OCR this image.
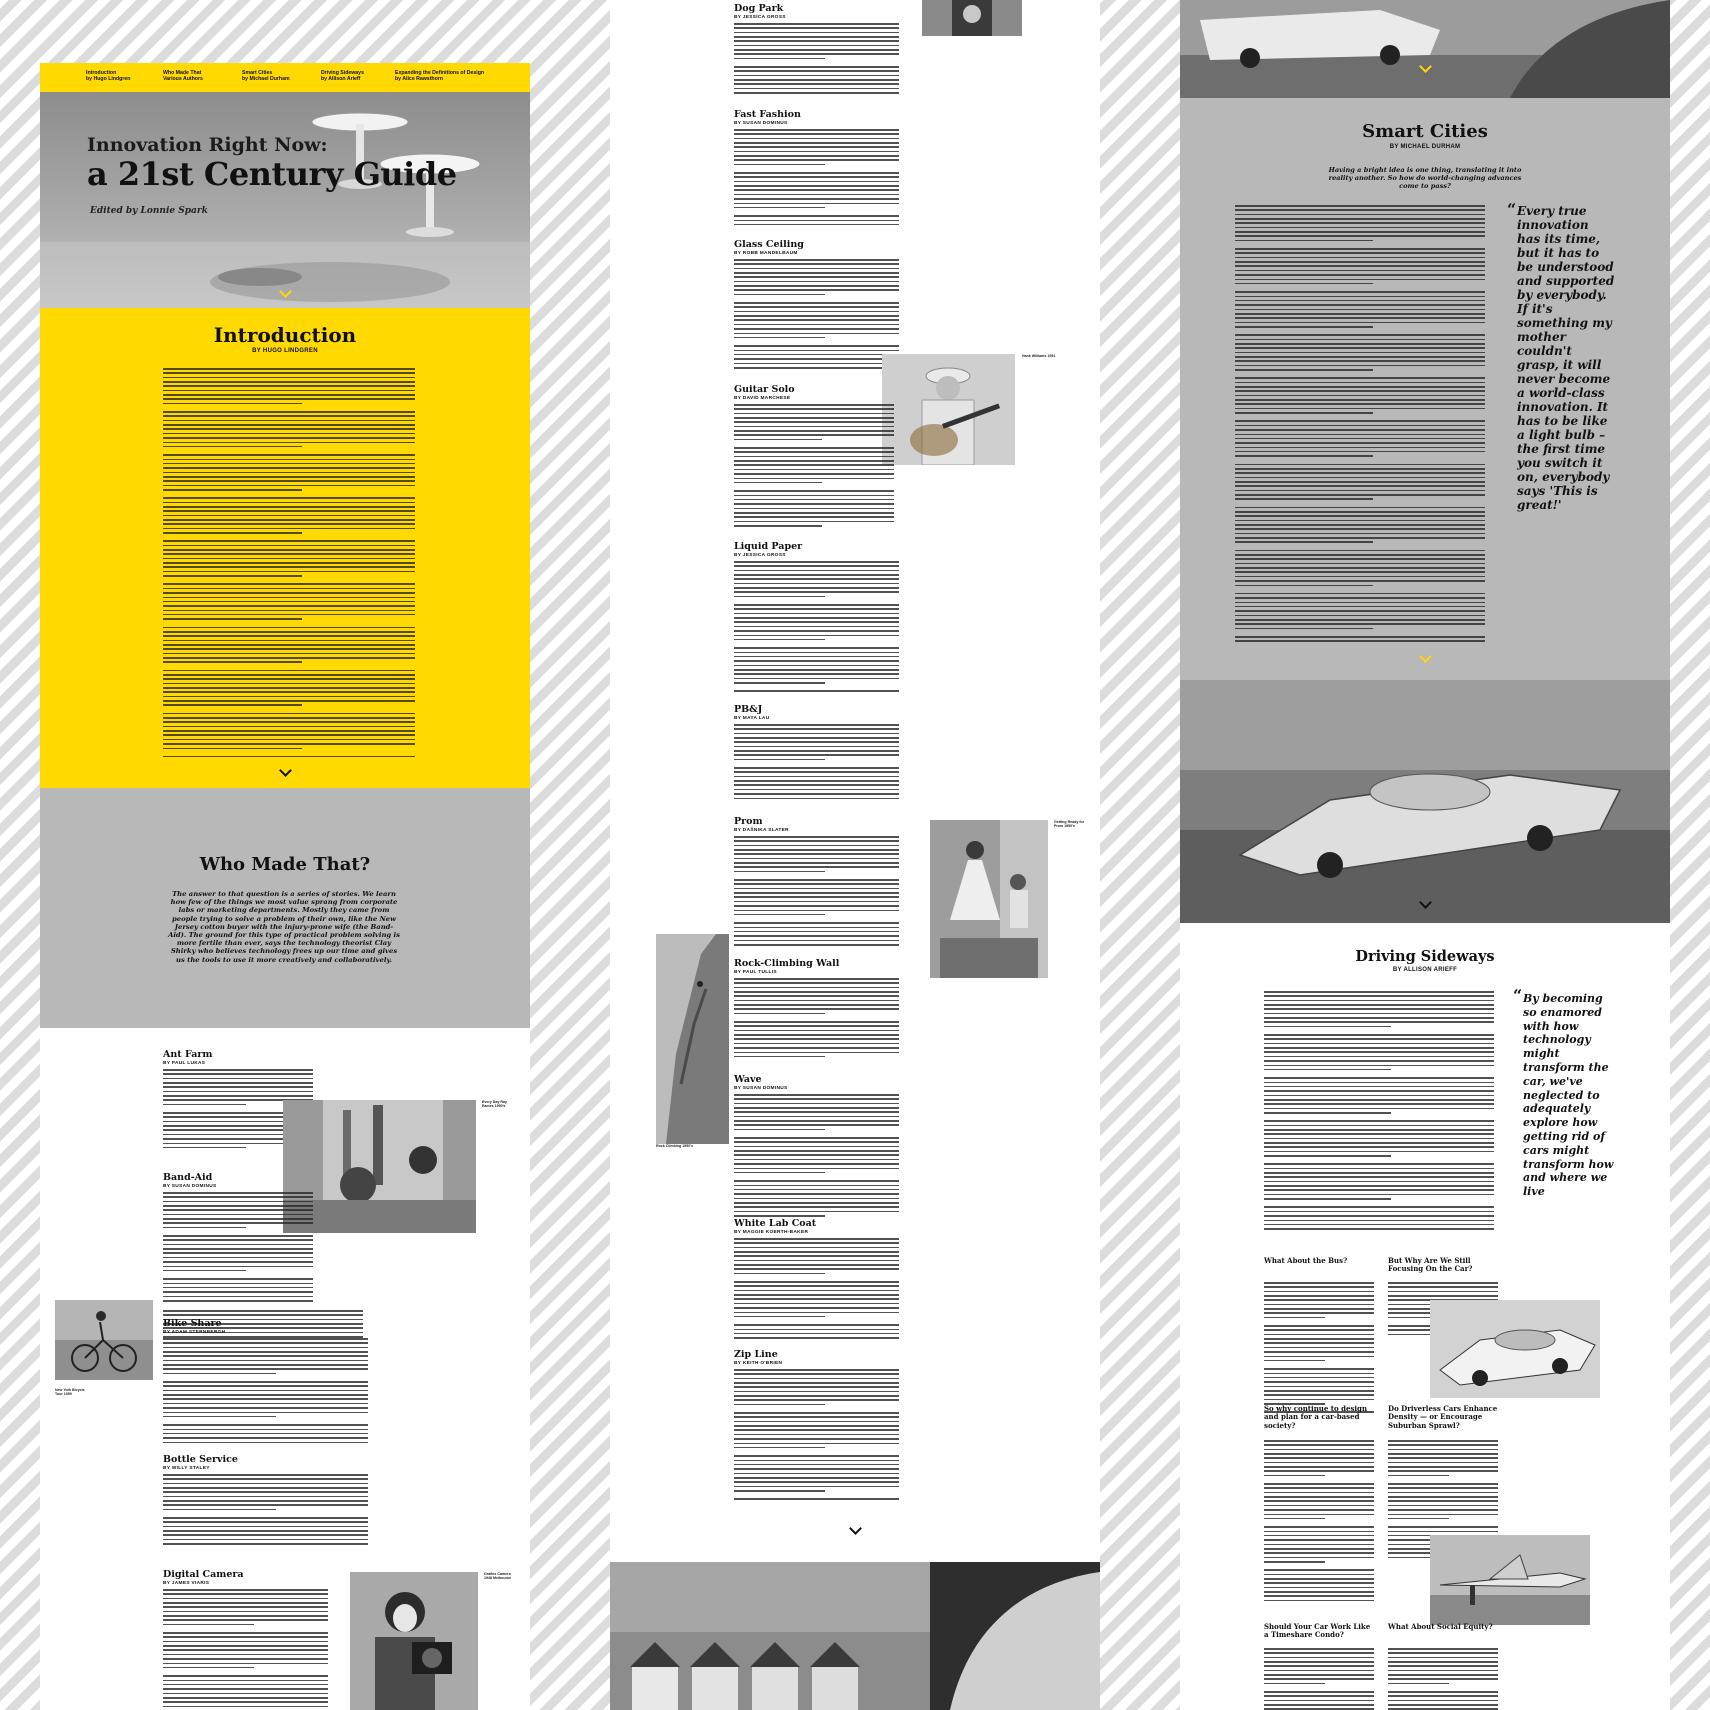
Introduction
by Hugo Lindgren
Who Made That
Various Authors
Smart Cities
by Michael Durham
Driving Sideways
by Allison Arieff
Expanding the Definitions of Design
by Alice Rawsthorn
Innovation Right Now:
a 21st Century Guide
Edited by Lonnie Spark
Introduction
BY HUGO LINDGREN
Who Made That?
The answer to that question is a series of stories. We learn how few of the things we most value sprang from corporate labs or marketing departments. Mostly they came from people trying to solve a problem of their own, like the New Jersey cotton buyer with the injury-prone wife (the Band-Aid). The ground for this type of practical problem solving is more fertile than ever, says the technology theorist Clay Shirky who believes technology frees up our time and gives us the tools to use it more creatively and collaboratively.
Ant Farm
BY PAUL LUKAS
Every Day Ray Eames 1950's
Band-Aid
BY SUSAN DOMINUS
New York Bicycle Tour 1959
Bike Share
BY ADAM STERNBERGH
Bottle Service
BY WILLY STALEY
Digital Camera
BY JAMES VIARIS
Graflex Camera 1948 Melbourne
Dog Park
BY JESSICA GROSS
Fast Fashion
BY SUSAN DOMINUS
Glass Ceiling
BY ROBB MANDELBAUM
Hank Williams 1951
Guitar Solo
BY DAVID MARCHESE
Liquid Paper
BY JESSICA GROSS
PB&J
BY MAYA LAU
Getting Ready for Prom 1950's
Prom
BY DAŠNIKA SLATER
Rock Climbing 1950's
Rock-Climbing Wall
BY PAUL TULLIS
Wave
BY SUSAN DOMINUS
White Lab Coat
BY MAGGIE KOERTH-BAKER
Zip Line
BY KEITH O'BRIEN
Smart Cities
BY MICHAEL DURHAM
Having a bright idea is one thing, translating it into reality another. So how do world-changing advances come to pass?
“ Every true innovation has its time, but it has to be understood and supported by everybody. If it's something my mother couldn't grasp, it will never become a world-class innovation. It has to be like a light bulb – the first time you switch it on, everybody says 'This is great!'
Driving Sideways
BY ALLISON ARIEFF
“ By becoming so enamored with how technology might transform the car, we've neglected to adequately explore how getting rid of cars might transform how and where we live
What About the Bus?	But Why Are We Still Focusing On the Car?
So why continue to design and plan for a car-based society?
Do Driverless Cars Enhance Density — or Encourage Suburban Sprawl?
Should Your Car Work Like a Timeshare Condo?
What About Social Equity?
